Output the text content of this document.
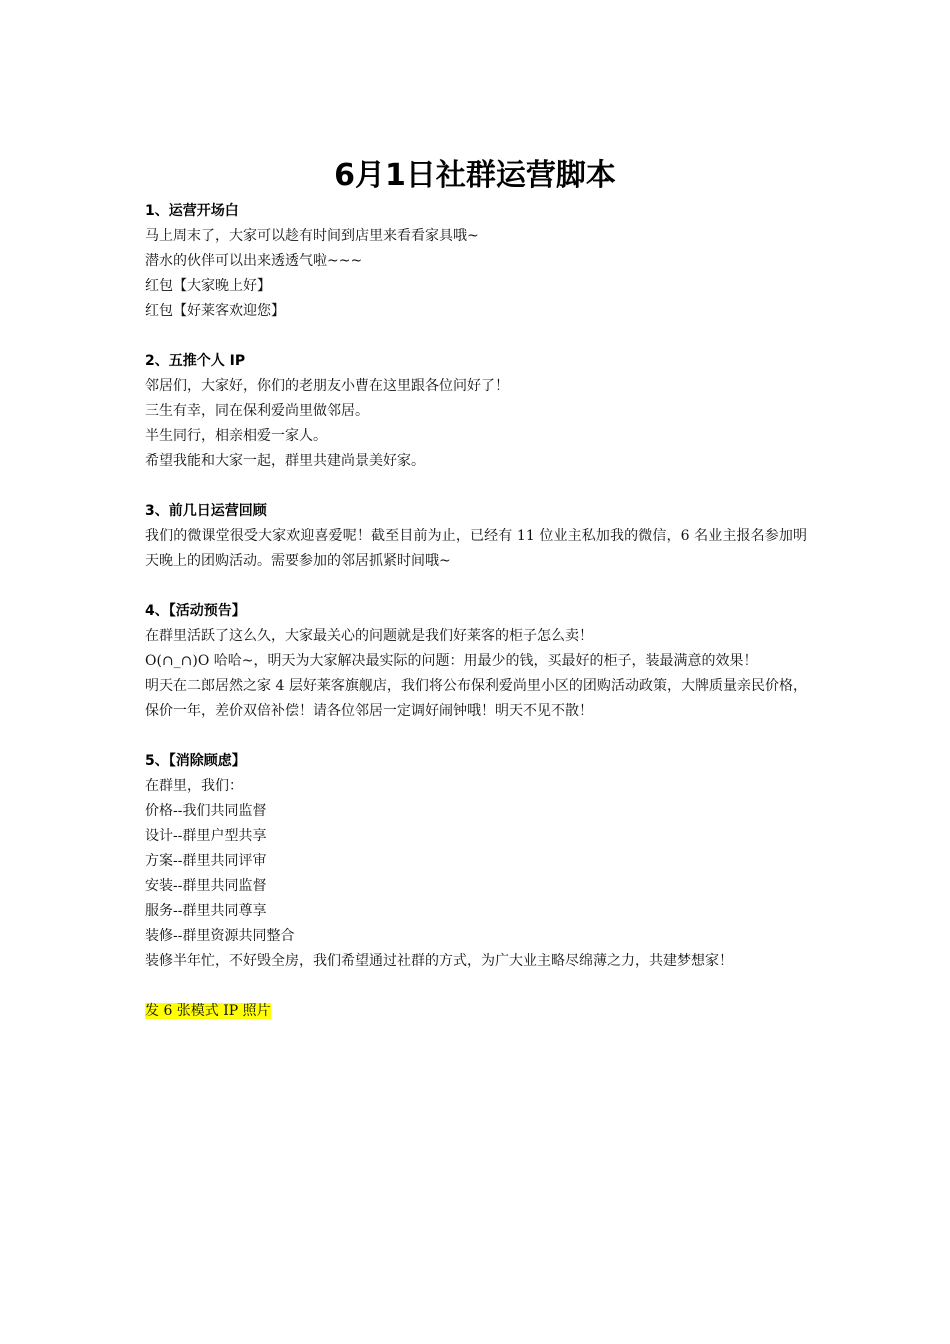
6月1日社群运营脚本

1、运营开场白

马上周末了，大家可以趁有时间到店里来看看家具哦~

潜水的伙伴可以出来透透气啦~~~

红包【大家晚上好】

红包【好莱客欢迎您】

2、五推个人 IP

邻居们，大家好，你们的老朋友小曹在这里跟各位问好了！

三生有幸，同在保利爱尚里做邻居。

半生同行，相亲相爱一家人。

希望我能和大家一起，群里共建尚景美好家。

3、前几日运营回顾

我们的微课堂很受大家欢迎喜爱呢！截至目前为止，已经有 11 位业主私加我的微信，6 名业主报名参加明天晚上的团购活动。需要参加的邻居抓紧时间哦~

4、【活动预告】

在群里活跃了这么久，大家最关心的问题就是我们好莱客的柜子怎么卖！

O(∩_∩)O 哈哈~，明天为大家解决最实际的问题：用最少的钱，买最好的柜子，装最满意的效果！

明天在二郎居然之家 4 层好莱客旗舰店，我们将公布保利爱尚里小区的团购活动政策，大牌质量亲民价格，保价一年，差价双倍补偿！请各位邻居一定调好闹钟哦！明天不见不散！

5、【消除顾虑】

在群里，我们：

价格--我们共同监督

设计--群里户型共享

方案--群里共同评审

安装--群里共同监督

服务--群里共同尊享

装修--群里资源共同整合

装修半年忙，不好毁全房，我们希望通过社群的方式，为广大业主略尽绵薄之力，共建梦想家！

发 6 张模式 IP 照片
